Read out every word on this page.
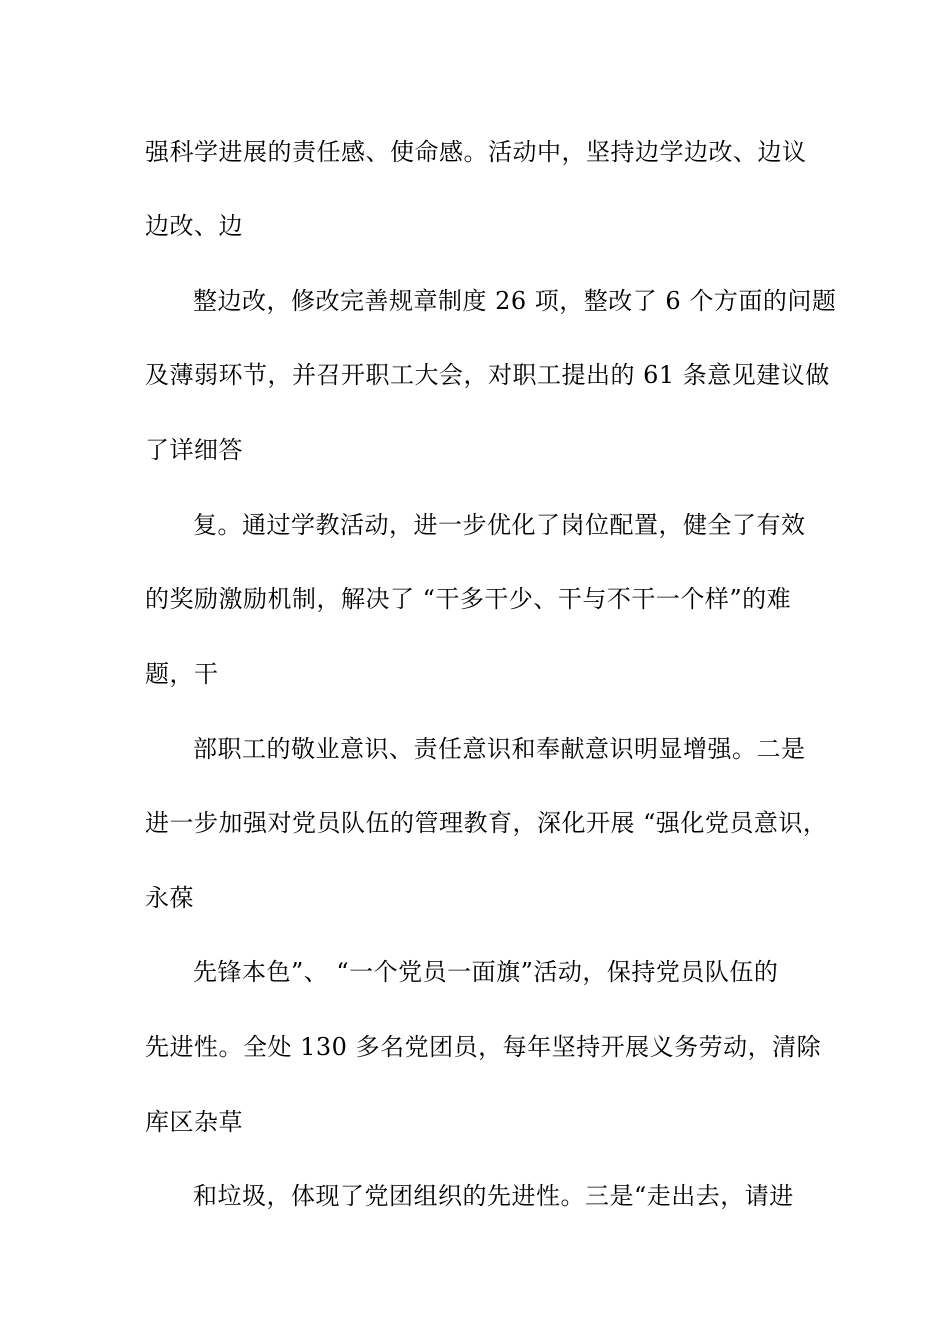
强科学进展的责任感、使命感。活动中，坚持边学边改、边议
边改、边
整边改，修改完善规章制度 26 项，整改了 6 个方面的问题
及薄弱环节，并召开职工大会，对职工提出的 61 条意见建议做
了详细答
复。通过学教活动，进一步优化了岗位配置，健全了有效
的奖励激励机制，解决了 “干多干少、干与不干一个样”的难
题，干
部职工的敬业意识、责任意识和奉献意识明显增强。二是
进一步加强对党员队伍的管理教育，深化开展 “强化党员意识，
永葆
先锋本色”、 “一个党员一面旗”活动，保持党员队伍的
先进性。全处 130 多名党团员，每年坚持开展义务劳动，清除
库区杂草
和垃圾，体现了党团组织的先进性。三是“走出去，请进
